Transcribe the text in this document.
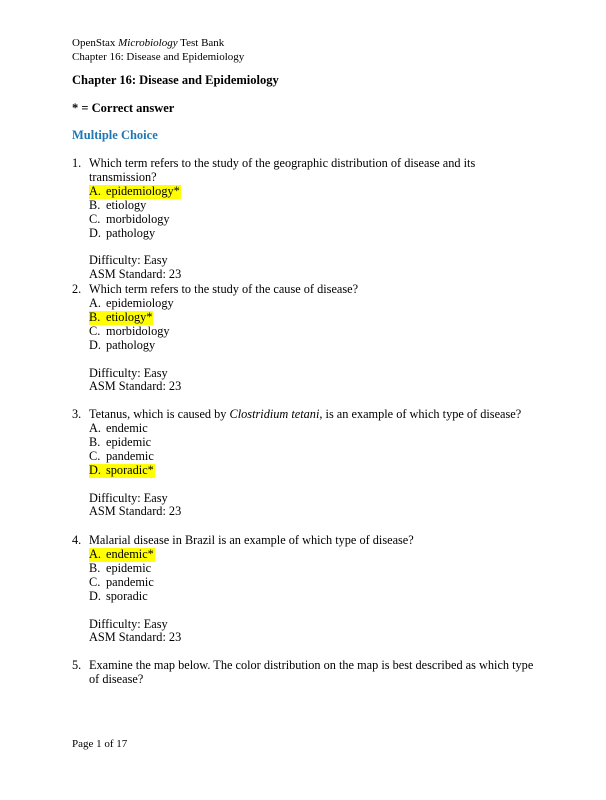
OpenStax Microbiology Test Bank
Chapter 16: Disease and Epidemiology
Chapter 16: Disease and Epidemiology
* = Correct answer
Multiple Choice
1. Which term refers to the study of the geographic distribution of disease and its transmission?
A. epidemiology*
B. etiology
C. morbidology
D. pathology
Difficulty: Easy
ASM Standard: 23
2. Which term refers to the study of the cause of disease?
A. epidemiology
B. etiology*
C. morbidology
D. pathology
Difficulty: Easy
ASM Standard: 23
3. Tetanus, which is caused by Clostridium tetani, is an example of which type of disease?
A. endemic
B. epidemic
C. pandemic
D. sporadic*
Difficulty: Easy
ASM Standard: 23
4. Malarial disease in Brazil is an example of which type of disease?
A. endemic*
B. epidemic
C. pandemic
D. sporadic
Difficulty: Easy
ASM Standard: 23
5. Examine the map below. The color distribution on the map is best described as which type of disease?
Page 1 of 17
